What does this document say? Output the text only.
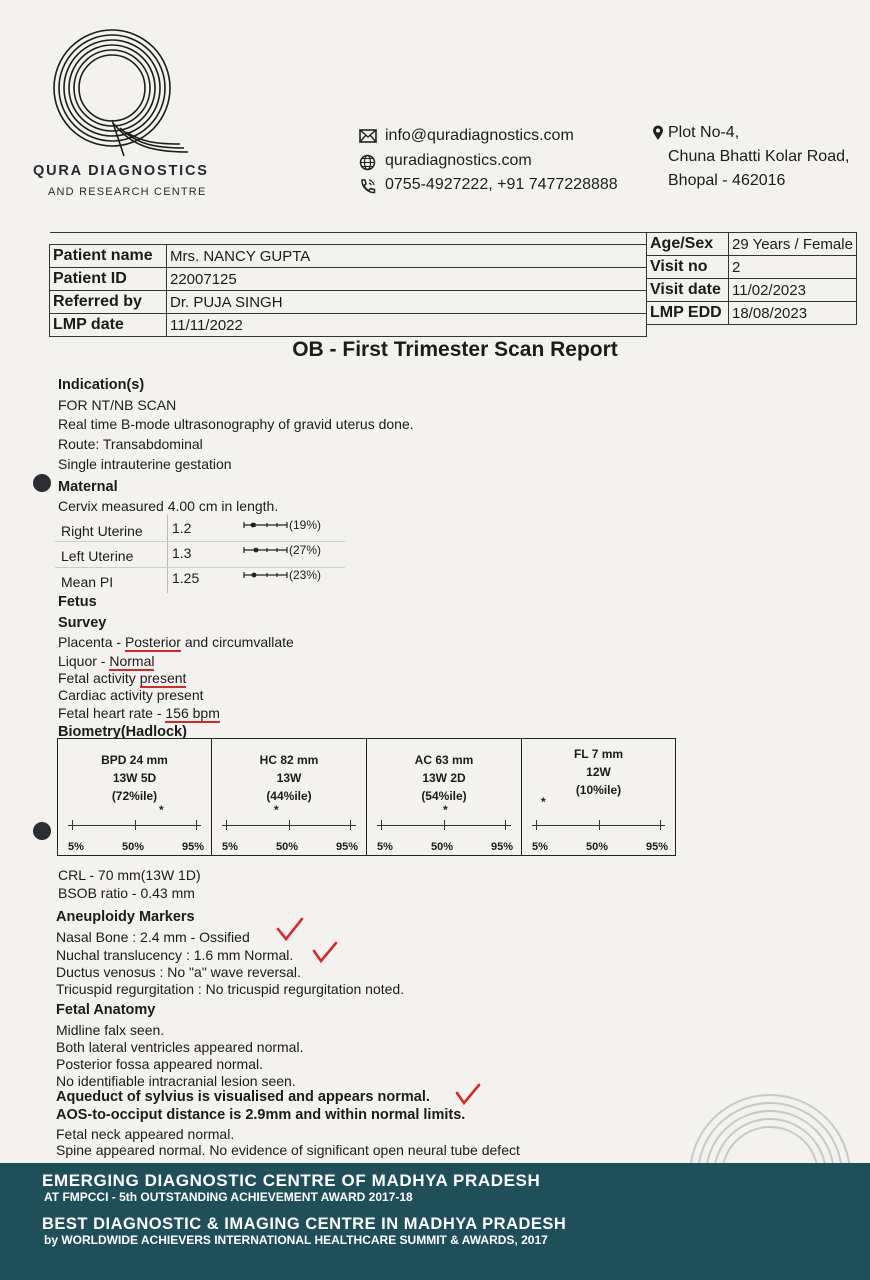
QURA DIAGNOSTICS
AND RESEARCH CENTRE
info@quradiagnostics.com
quradiagnostics.com
0755-4927222, +91 7477228888
Plot No-4,
Chuna Bhatti Kolar Road,
Bhopal - 462016
Patient name	Mrs. NANCY GUPTA
Patient ID	22007125
Referred by	Dr. PUJA SINGH
LMP date	11/11/2022
Age/Sex	29 Years / Female
Visit no	2
Visit date	11/02/2023
LMP EDD	18/08/2023
OB - First Trimester Scan Report
Indication(s)
FOR NT/NB SCAN
Real time B-mode ultrasonography of gravid uterus done.
Route: Transabdominal
Single intrauterine gestation
Maternal
Cervix measured 4.00 cm in length.
Right Uterine 1.2	(19%)
Left Uterine	1.3	(27%)
Mean PI	1.25	(23%)
Fetus
Survey
Placenta - Posterior and circumvallate
Liquor - Normal
Fetal activity present
Cardiac activity present
Fetal heart rate - 156 bpm
Biometry(Hadlock)
BPD 24 mm
13W 5D
(72%ile)
*
5%	50%	95%
HC 82 mm
13W
(44%ile)
*
5%	50%	95%
AC 63 mm
13W 2D
(54%ile)
*
5%	50%	95%
FL 7 mm
12W
(10%ile)
*
5%	50%	95%
CRL - 70 mm(13W 1D)
BSOB ratio - 0.43 mm
Aneuploidy Markers
Nasal Bone : 2.4 mm - Ossified
Nuchal translucency : 1.6 mm Normal.
Ductus venosus : No "a" wave reversal.
Tricuspid regurgitation : No tricuspid regurgitation noted.
Fetal Anatomy
Midline falx seen.
Both lateral ventricles appeared normal.
Posterior fossa appeared normal.
No identifiable intracranial lesion seen.
Aqueduct of sylvius is visualised and appears normal.
AOS-to-occiput distance is 2.9mm and within normal limits.
Fetal neck appeared normal.
Spine appeared normal. No evidence of significant open neural tube defect
EMERGING DIAGNOSTIC CENTRE OF MADHYA PRADESH
AT FMPCCI - 5th OUTSTANDING ACHIEVEMENT AWARD 2017-18
BEST DIAGNOSTIC & IMAGING CENTRE IN MADHYA PRADESH
by WORLDWIDE ACHIEVERS INTERNATIONAL HEALTHCARE SUMMIT & AWARDS, 2017
